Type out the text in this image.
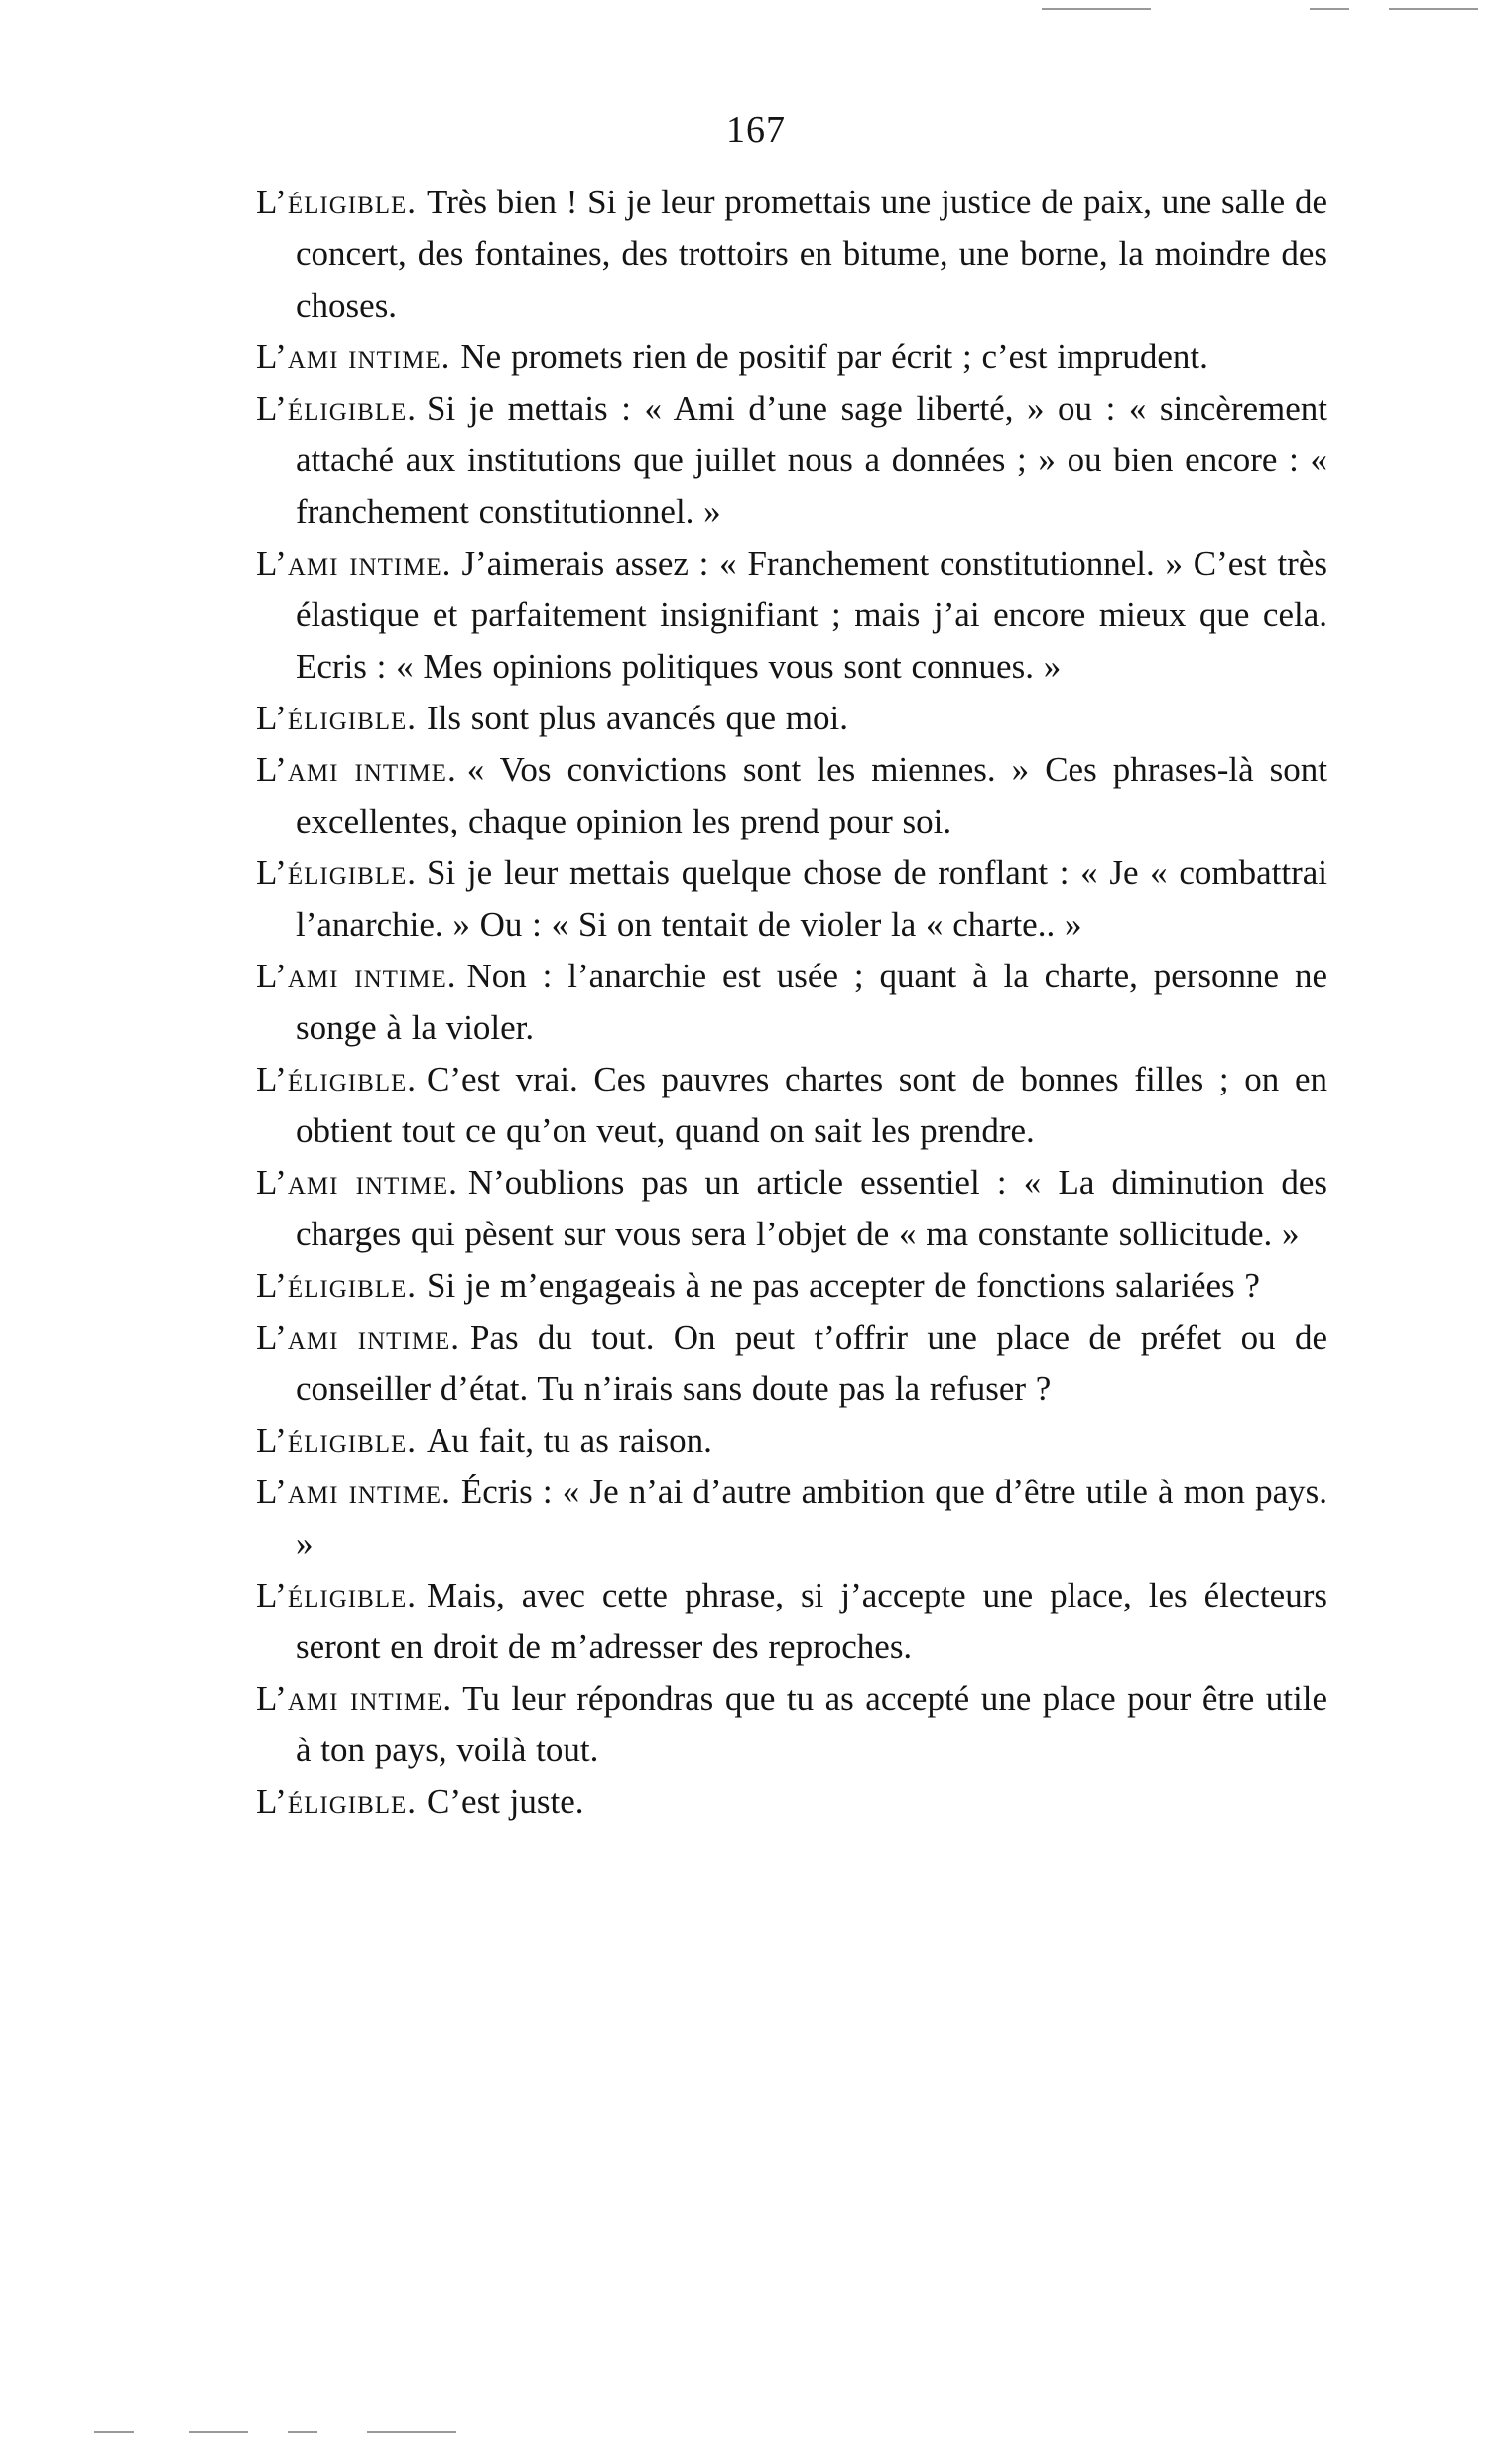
167
L’éligible. Très bien ! Si je leur promettais une justice de paix, une salle de concert, des fontaines, des trottoirs en bitume, une borne, la moindre des choses.
L’ami intime. Ne promets rien de positif par écrit ; c’est imprudent.
L’éligible. Si je mettais : « Ami d’une sage liberté, » ou : « sincèrement attaché aux institutions que juillet nous a données ; » ou bien encore : « franchement constitutionnel. »
L’ami intime. J’aimerais assez : « Franchement constitutionnel. » C’est très élastique et parfaitement insignifiant ; mais j’ai encore mieux que cela. Ecris : « Mes opinions politiques vous sont connues. »
L’éligible. Ils sont plus avancés que moi.
L’ami intime. « Vos convictions sont les miennes. » Ces phrases-là sont excellentes, chaque opinion les prend pour soi.
L’éligible. Si je leur mettais quelque chose de ronflant : « Je « combattrai l’anarchie. » Ou : « Si on tentait de violer la « charte.. »
L’ami intime. Non : l’anarchie est usée ; quant à la charte, personne ne songe à la violer.
L’éligible. C’est vrai. Ces pauvres chartes sont de bonnes filles ; on en obtient tout ce qu’on veut, quand on sait les prendre.
L’ami intime. N’oublions pas un article essentiel : « La diminution des charges qui pèsent sur vous sera l’objet de « ma constante sollicitude. »
L’éligible. Si je m’engageais à ne pas accepter de fonctions salariées ?
L’ami intime. Pas du tout. On peut t’offrir une place de préfet ou de conseiller d’état. Tu n’irais sans doute pas la refuser ?
L’éligible. Au fait, tu as raison.
L’ami intime. Écris : « Je n’ai d’autre ambition que d’être utile à mon pays. »
L’éligible. Mais, avec cette phrase, si j’accepte une place, les électeurs seront en droit de m’adresser des reproches.
L’ami intime. Tu leur répondras que tu as accepté une place pour être utile à ton pays, voilà tout.
L’éligible. C’est juste.
